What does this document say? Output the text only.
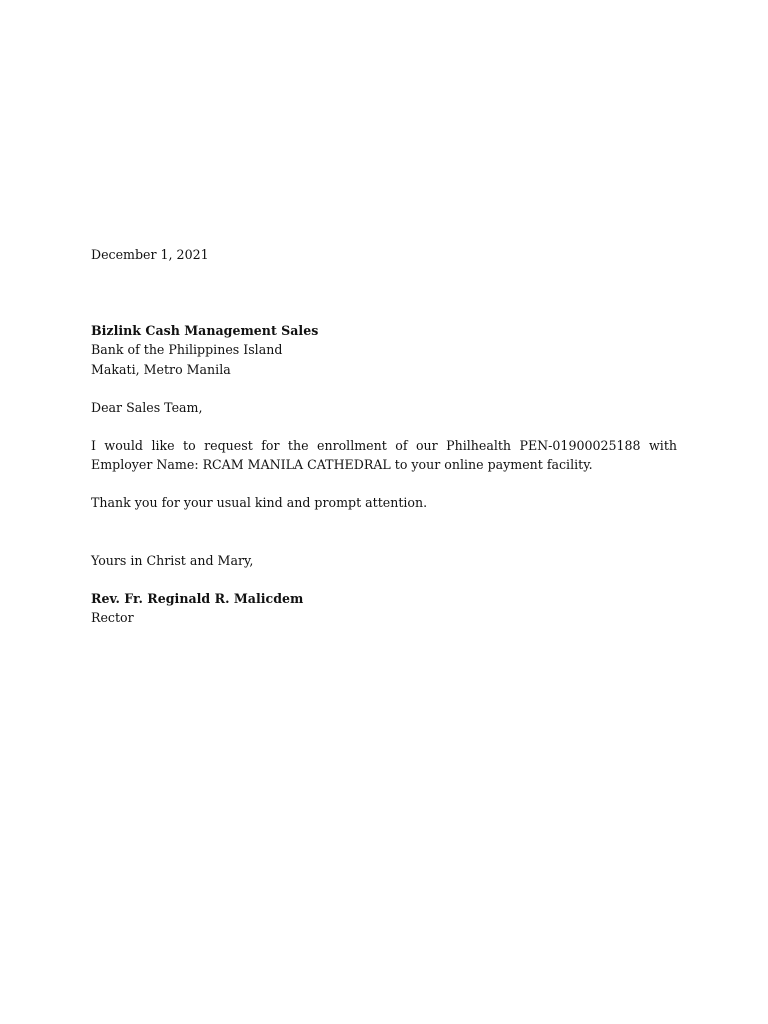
December 1, 2021

Bizlink Cash Management Sales

Bank of the Philippines Island

Makati, Metro Manila

Dear Sales Team,

I would like to request for the enrollment of our Philhealth PEN-01900025188 with Employer Name: RCAM MANILA CATHEDRAL to your online payment facility.

Thank you for your usual kind and prompt attention.

Yours in Christ and Mary,

Rev. Fr. Reginald R. Malicdem

Rector
